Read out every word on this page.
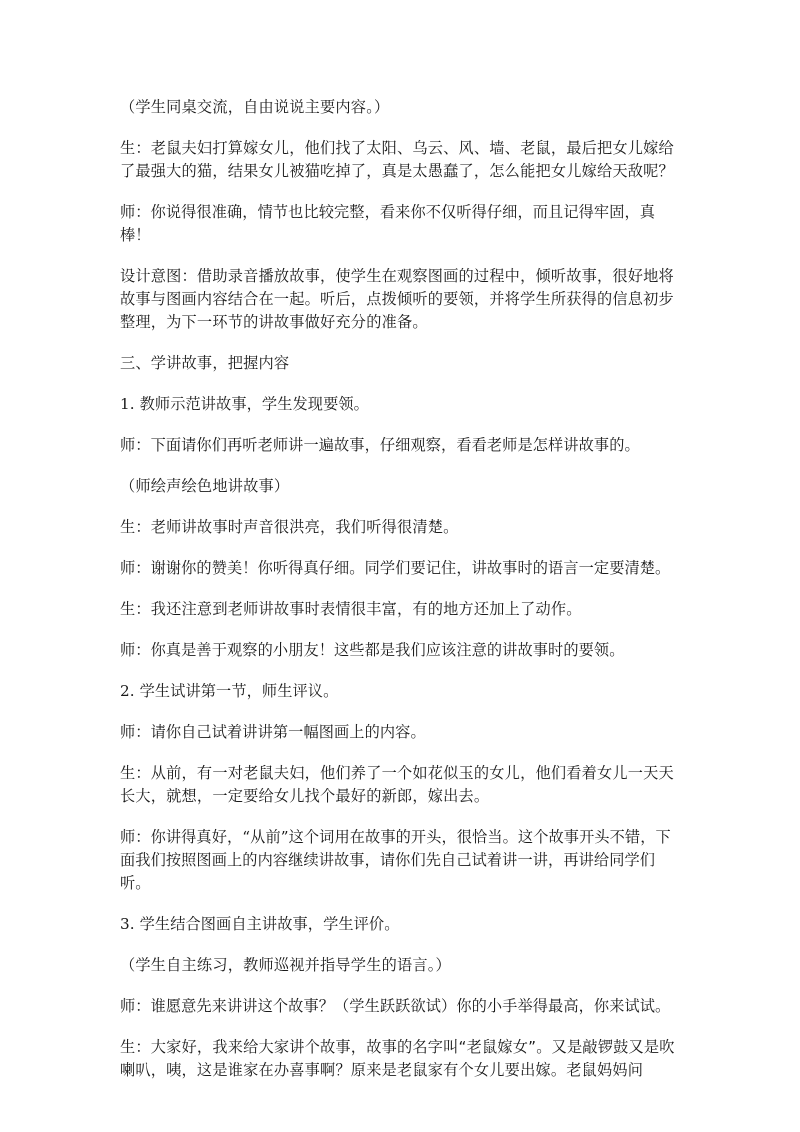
（学生同桌交流，自由说说主要内容。）

生：老鼠夫妇打算嫁女儿，他们找了太阳、乌云、风、墙、老鼠，最后把女儿嫁给了最强大的猫，结果女儿被猫吃掉了，真是太愚蠢了，怎么能把女儿嫁给天敌呢？

师：你说得很准确，情节也比较完整，看来你不仅听得仔细，而且记得牢固，真棒！

设计意图：借助录音播放故事，使学生在观察图画的过程中，倾听故事，很好地将故事与图画内容结合在一起。听后，点拨倾听的要领，并将学生所获得的信息初步整理，为下一环节的讲故事做好充分的准备。

三、学讲故事，把握内容

1. 教师示范讲故事，学生发现要领。

师：下面请你们再听老师讲一遍故事，仔细观察，看看老师是怎样讲故事的。

（师绘声绘色地讲故事）

生：老师讲故事时声音很洪亮，我们听得很清楚。

师：谢谢你的赞美！你听得真仔细。同学们要记住，讲故事时的语言一定要清楚。

生：我还注意到老师讲故事时表情很丰富，有的地方还加上了动作。

师：你真是善于观察的小朋友！这些都是我们应该注意的讲故事时的要领。

2. 学生试讲第一节，师生评议。

师：请你自己试着讲讲第一幅图画上的内容。

生：从前，有一对老鼠夫妇，他们养了一个如花似玉的女儿，他们看着女儿一天天长大，就想，一定要给女儿找个最好的新郎，嫁出去。

师：你讲得真好，“从前”这个词用在故事的开头，很恰当。这个故事开头不错，下面我们按照图画上的内容继续讲故事，请你们先自己试着讲一讲，再讲给同学们听。

3. 学生结合图画自主讲故事，学生评价。

（学生自主练习，教师巡视并指导学生的语言。）

师：谁愿意先来讲讲这个故事？（学生跃跃欲试）你的小手举得最高，你来试试。

生：大家好，我来给大家讲个故事，故事的名字叫“老鼠嫁女”。又是敲锣鼓又是吹喇叭，咦，这是谁家在办喜事啊？原来是老鼠家有个女儿要出嫁。老鼠妈妈问
